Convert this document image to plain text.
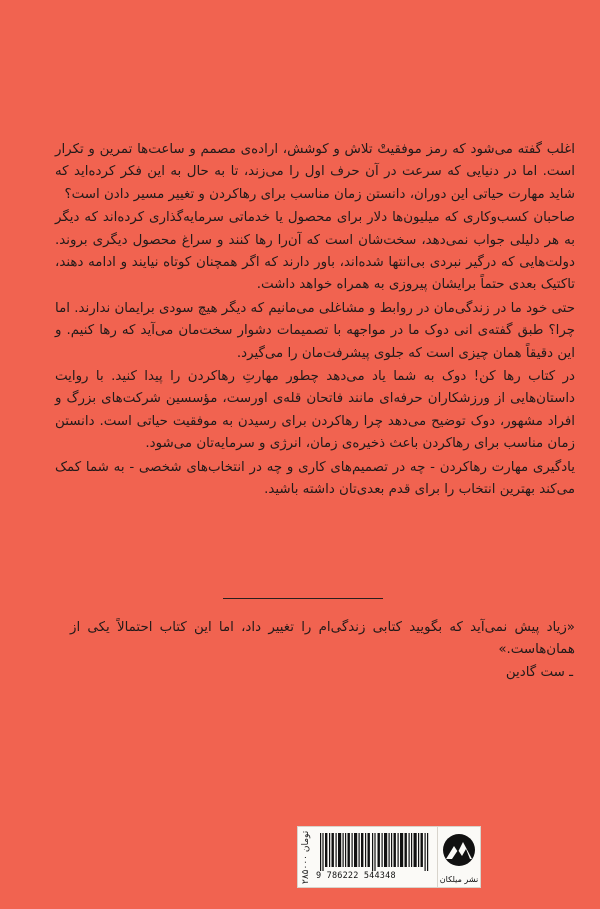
اغلب گفته می‌شود که رمز موفقیتْ تلاش و کوشش، اراده‌ی مصمم و ساعت‌ها تمرین و تکرار است. اما در دنیایی که سرعت در آن حرف اول را می‌زند، تا به حال به این فکر کرده‌اید که شاید مهارت حیاتی این دوران، دانستن زمان مناسب برای رهاکردن و تغییر مسیر دادن است؟

صاحبان کسب‌وکاری که میلیون‌ها دلار برای محصول یا خدماتی سرمایه‌گذاری کرده‌اند که دیگر به هر دلیلی جواب نمی‌دهد، سخت‌شان است که آن‌را رها کنند و سراغ محصول دیگری بروند. دولت‌هایی که درگیر نبردی بی‌انتها شده‌اند، باور دارند که اگر همچنان کوتاه نیایند و ادامه دهند، تاکتیک بعدی حتماً برایشان پیروزی به همراه خواهد داشت.

حتی خود ما در زندگی‌مان در روابط و مشاغلی می‌مانیم که دیگر هیچ سودی برایمان ندارند. اما چرا؟ طبق گفته‌ی انی دوک ما در مواجهه با تصمیمات دشوار سخت‌مان می‌آید که رها کنیم. و این دقیقاً همان چیزی است که جلوی پیشرفت‌مان را می‌گیرد.

در کتاب رها کن! دوک به شما یاد می‌دهد چطور مهارتِ رهاکردن را پیدا کنید. با روایت داستان‌هایی از ورزشکاران حرفه‌ای مانند فاتحان قله‌ی اورست، مؤسسین شرکت‌های بزرگ و افراد مشهور، دوک توضیح می‌دهد چرا رهاکردن برای رسیدن به موفقیت حیاتی است. دانستن زمان مناسب برای رهاکردن باعث ذخیره‌ی زمان، انرژی و سرمایه‌تان می‌شود.

یادگیری مهارت رهاکردن - چه در تصمیم‌های کاری و چه در انتخاب‌های شخصی - به شما کمک می‌کند بهترین انتخاب را برای قدم بعدی‌تان داشته باشید.

«زیاد پیش نمی‌آید که بگویید کتابی زندگی‌ام را تغییر داد، اما این کتاب احتمالاً یکی از همان‌هاست.»

ـ ست گادین

۲۸۵۰۰۰ تومان
9 786222 544348	نشر میلکان
